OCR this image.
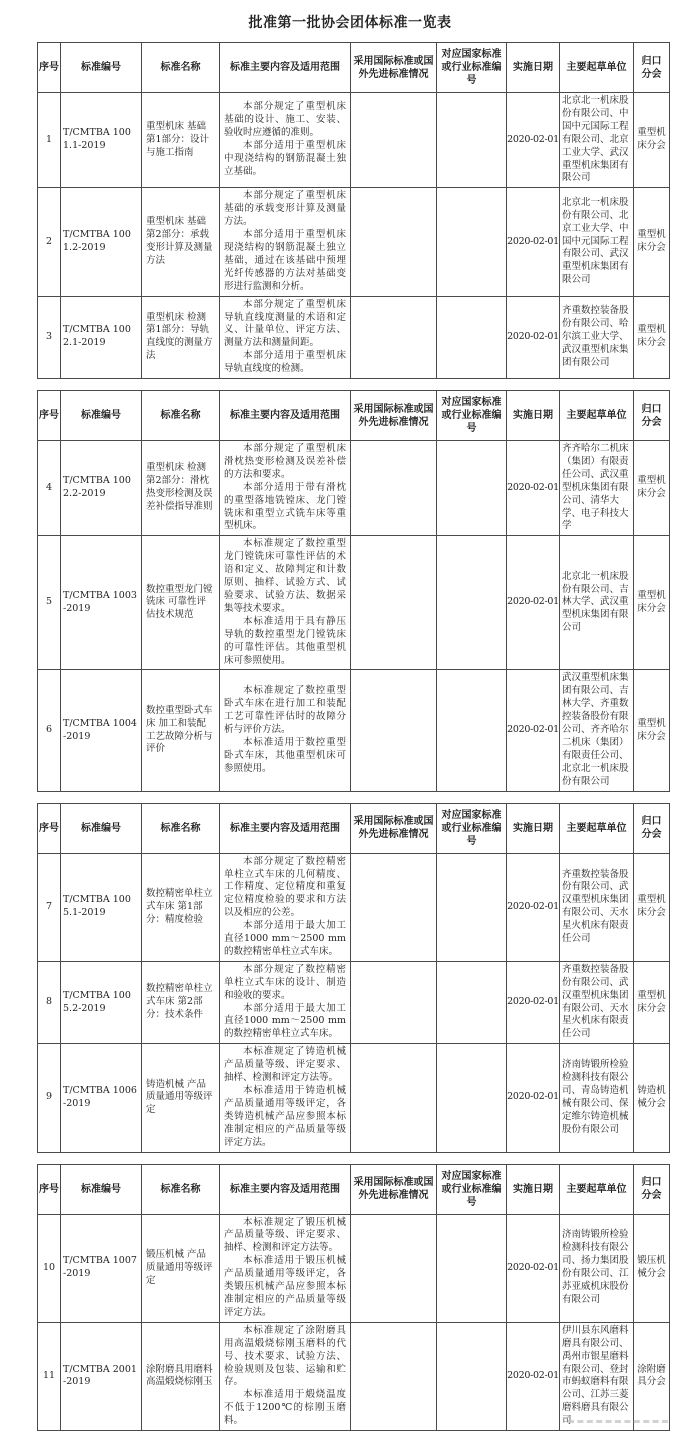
批准第一批协会团体标准一览表
序号	标准编号	标准名称	标准主要内容及适用范围	采用国际标准或国外先进标准情况	对应国家标准或行业标准编号	实施日期	主要起草单位	归口分会
1	T/CMTBA 1001.1-2019	重型机床 基础 第1部分：设计与施工指南	本部分规定了重型机床基础的设计、施工、安装、验收时应遵循的准则。

本部分适用于重型机床中现浇结构的钢筋混凝土独立基础。			2020-02-01	北京北一机床股份有限公司、中国中元国际工程有限公司、北京工业大学、武汉重型机床集团有限公司	重型机床分会
2	T/CMTBA 1001.2-2019	重型机床 基础 第2部分：承载变形计算及测量方法	本部分规定了重型机床基础的承载变形计算及测量方法。

本部分适用于重型机床现浇结构的钢筋混凝土独立基础，通过在该基础中预埋光纤传感器的方法对基础变形进行监测和分析。			2020-02-01	北京北一机床股份有限公司、北京工业大学、中国中元国际工程有限公司、武汉重型机床集团有限公司	重型机床分会
3	T/CMTBA 1002.1-2019	重型机床 检测 第1部分：导轨直线度的测量方法	本部分规定了重型机床导轨直线度测量的术语和定义、计量单位、评定方法、测量方法和测量间距。

本部分适用于重型机床导轨直线度的检测。			2020-02-01	齐重数控装备股份有限公司、哈尔滨工业大学、武汉重型机床集团有限公司	重型机床分会
序号	标准编号	标准名称	标准主要内容及适用范围	采用国际标准或国外先进标准情况	对应国家标准或行业标准编号	实施日期	主要起草单位	归口分会
4	T/CMTBA 1002.2-2019	重型机床 检测 第2部分：滑枕热变形检测及误差补偿指导准则	本部分规定了重型机床滑枕热变形检测及误差补偿的方法和要求。

本部分适用于带有滑枕的重型落地铣镗床、龙门镗铣床和重型立式铣车床等重型机床。			2020-02-01	齐齐哈尔二机床（集团）有限责任公司、武汉重型机床集团有限公司、清华大学、电子科技大学	重型机床分会
5	T/CMTBA 1003-2019	数控重型龙门镗铣床 可靠性评估技术规范	本标准规定了数控重型龙门镗铣床可靠性评估的术语和定义、故障判定和计数原则、抽样、试验方式、试验要求、试验方法、数据采集等技术要求。

本标准适用于具有静压导轨的数控重型龙门镗铣床的可靠性评估。其他重型机床可参照使用。			2020-02-01	北京北一机床股份有限公司、吉林大学、武汉重型机床集团有限公司	重型机床分会
6	T/CMTBA 1004-2019	数控重型卧式车床 加工和装配工艺故障分析与评价	本标准规定了数控重型卧式车床在进行加工和装配工艺可靠性评估时的故障分析与评价方法。

本标准适用于数控重型卧式车床，其他重型机床可参照使用。			2020-02-01	武汉重型机床集团有限公司、吉林大学、齐重数控装备股份有限公司、齐齐哈尔二机床（集团）有限责任公司、北京北一机床股份有限公司	重型机床分会
序号	标准编号	标准名称	标准主要内容及适用范围	采用国际标准或国外先进标准情况	对应国家标准或行业标准编号	实施日期	主要起草单位	归口分会
7	T/CMTBA 1005.1-2019	数控精密单柱立式车床 第1部分：精度检验	本部分规定了数控精密单柱立式车床的几何精度、工作精度、定位精度和重复定位精度检验的要求和方法以及相应的公差。

本部分适用于最大加工直径1000 mm～2500 mm的数控精密单柱立式车床。			2020-02-01	齐重数控装备股份有限公司、武汉重型机床集团有限公司、天水星火机床有限责任公司	重型机床分会
8	T/CMTBA 1005.2-2019	数控精密单柱立式车床 第2部分：技术条件	本部分规定了数控精密单柱立式车床的设计、制造和验收的要求。

本部分适用于最大加工直径1000 mm～2500 mm的数控精密单柱立式车床。			2020-02-01	齐重数控装备股份有限公司、武汉重型机床集团有限公司、天水星火机床有限责任公司	重型机床分会
9	T/CMTBA 1006-2019	铸造机械 产品质量通用等级评定	本标准规定了铸造机械产品质量等级、评定要求、抽样、检测和评定方法等。

本标准适用于铸造机械产品质量通用等级评定，各类铸造机械产品应参照本标准制定相应的产品质量等级评定方法。			2020-02-01	济南铸锻所检验检测科技有限公司、青岛铸造机械有限公司、保定维尔铸造机械股份有限公司	铸造机械分会
序号	标准编号	标准名称	标准主要内容及适用范围	采用国际标准或国外先进标准情况	对应国家标准或行业标准编号	实施日期	主要起草单位	归口分会
10	T/CMTBA 1007-2019	锻压机械 产品质量通用等级评定	本标准规定了锻压机械产品质量等级、评定要求、抽样、检测和评定方法等。

本标准适用于锻压机械产品质量通用等级评定，各类锻压机械产品应参照本标准制定相应的产品质量等级评定方法。			2020-02-01	济南铸锻所检验检测科技有限公司、扬力集团股份有限公司、江苏亚威机床股份有限公司	锻压机械分会
11	T/CMTBA 2001-2019	涂附磨具用磨料高温煅烧棕刚玉	本标准规定了涂附磨具用高温煅烧棕刚玉磨料的代号、技术要求、试验方法、检验规则及包装、运输和贮存。

本标准适用于煅烧温度不低于1200℃的棕刚玉磨料。			2020-02-01	伊川县东风磨料磨具有限公司、禹州市银星磨料有限公司、登封市蚂蚁磨料有限公司、江苏三菱磨料磨具有限公司	涂附磨具分会
